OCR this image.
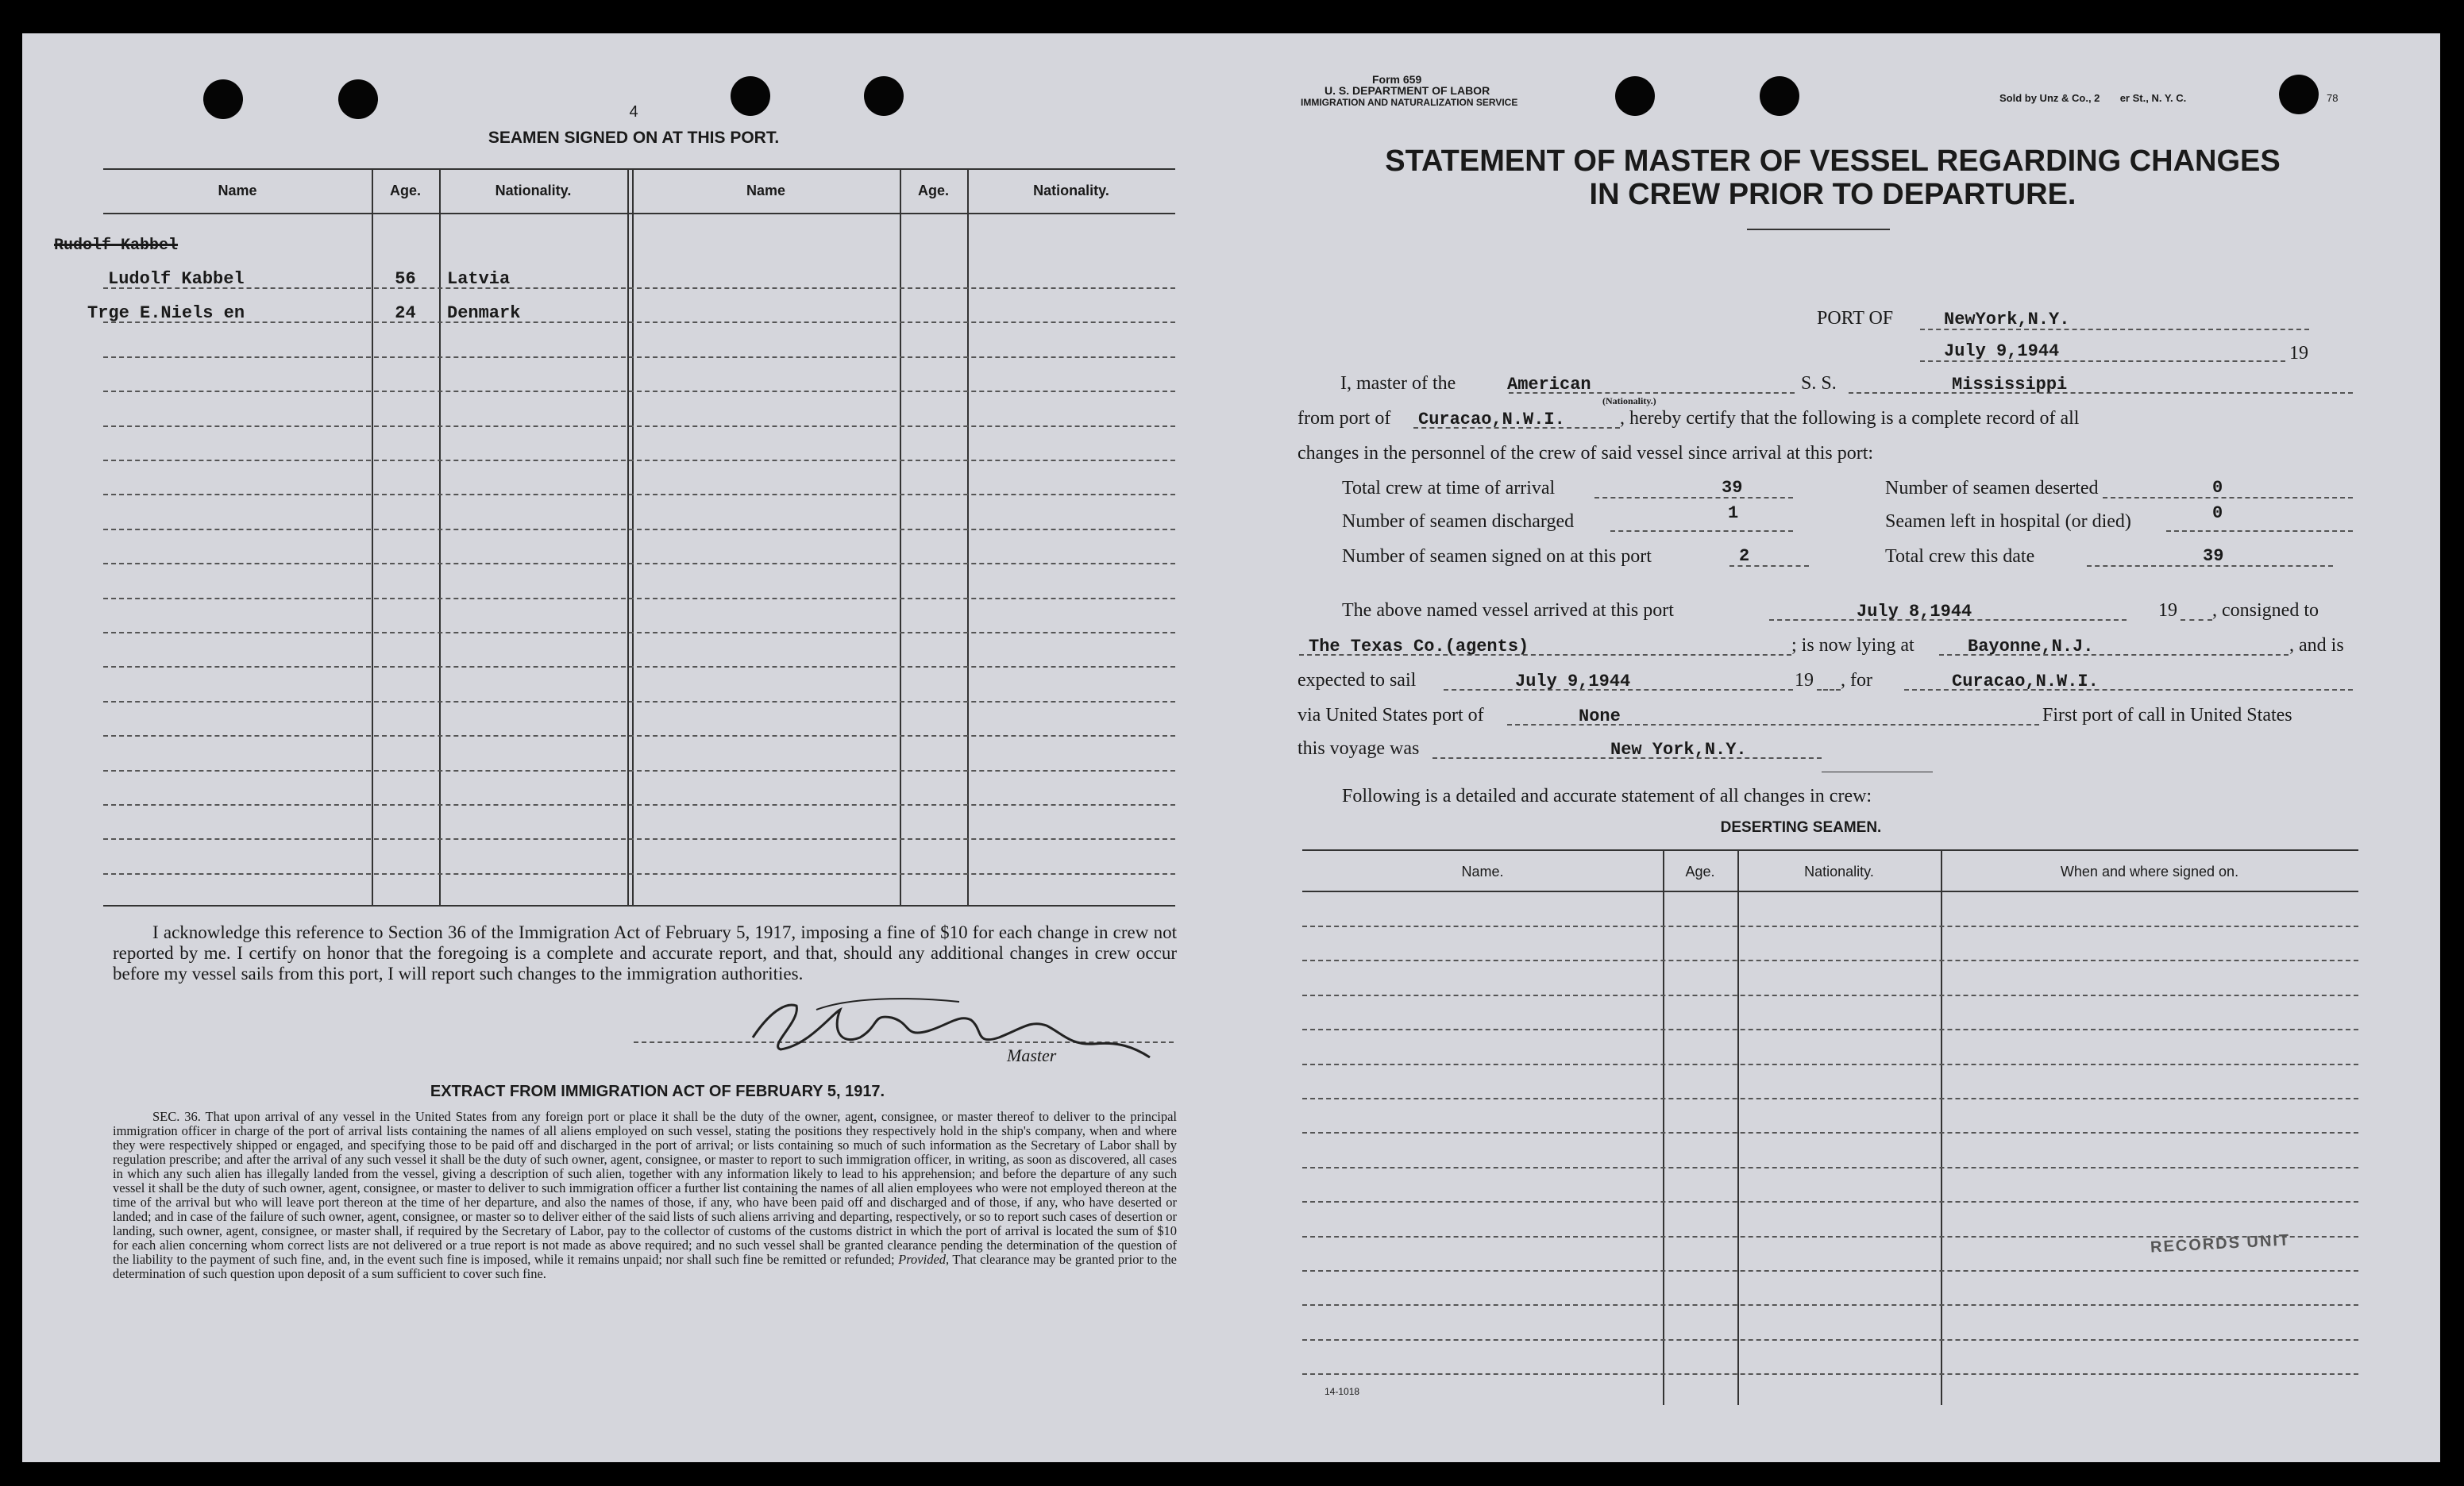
4
SEAMEN SIGNED ON AT THIS PORT.
Name	Age.	Nationality.	Name	Age.	Nationality.
Rudolf Kabbel
Ludolf Kabbel	56	Latvia
Trge E.Niels en	24	Denmark
I acknowledge this reference to Section 36 of the Immigration Act of February 5, 1917, imposing a fine of $10 for each change in crew not reported by me. I certify on honor that the foregoing is a complete and accurate report, and that, should any additional changes in crew occur before my vessel sails from this port, I will report such changes to the immigration authorities.
Master
EXTRACT FROM IMMIGRATION ACT OF FEBRUARY 5, 1917.
SEC. 36. That upon arrival of any vessel in the United States from any foreign port or place it shall be the duty of the owner, agent, consignee, or master thereof to deliver to the principal immigration officer in charge of the port of arrival lists containing the names of all aliens employed on such vessel, stating the positions they respectively hold in the ship's company, when and where they were respectively shipped or engaged, and specifying those to be paid off and discharged in the port of arrival; or lists containing so much of such information as the Secretary of Labor shall by regulation prescribe; and after the arrival of any such vessel it shall be the duty of such owner, agent, consignee, or master to report to such immigration officer, in writing, as soon as discovered, all cases in which any such alien has illegally landed from the vessel, giving a description of such alien, together with any information likely to lead to his apprehension; and before the departure of any such vessel it shall be the duty of such owner, agent, consignee, or master to deliver to such immigration officer a further list containing the names of all alien employees who were not employed thereon at the time of the arrival but who will leave port thereon at the time of her departure, and also the names of those, if any, who have been paid off and discharged and of those, if any, who have deserted or landed; and in case of the failure of such owner, agent, consignee, or master so to deliver either of the said lists of such aliens arriving and departing, respectively, or so to report such cases of desertion or landing, such owner, agent, consignee, or master shall, if required by the Secretary of Labor, pay to the collector of customs of the customs district in which the port of arrival is located the sum of $10 for each alien concerning whom correct lists are not delivered or a true report is not made as above required; and no such vessel shall be granted clearance pending the determination of the question of the liability to the payment of such fine, and, in the event such fine is imposed, while it remains unpaid; nor shall such fine be remitted or refunded; Provided, That clearance may be granted prior to the determination of such question upon deposit of a sum sufficient to cover such fine.
Form 659
U. S. DEPARTMENT OF LABOR
IMMIGRATION AND NATURALIZATION SERVICE	Sold by Unz & Co., 2 er St., N. Y. C.	78
STATEMENT OF MASTER OF VESSEL REGARDING CHANGES
IN CREW PRIOR TO DEPARTURE.
PORT OF	NewYork,N.Y.
July 9,1944	19
I, master of the	American
(Nationality.)
S. S.	Mississippi
from port of Curacao,N.W.I.	, hereby certify that the following is a complete record of all
changes in the personnel of the crew of said vessel since arrival at this port:
Total crew at time of arrival	39
Number of seamen discharged	1
Number of seamen signed on at this port	2
Number of seamen deserted	0
Seamen left in hospital (or died)	0
Total crew this date	39
The above named vessel arrived at this port	July 8,1944	19 , consigned to
The Texas Co.(agents)	; is now lying at	Bayonne,N.J.	, and is
expected to sail	July 9,1944	19 , for	Curacao,N.W.I.
via United States port of	None	First port of call in United States
this voyage was	New York,N.Y.
Following is a detailed and accurate statement of all changes in crew:
DESERTING SEAMEN.
Name.	Age.	Nationality.	When and where signed on.
RECORDS UNIT
14-1018
